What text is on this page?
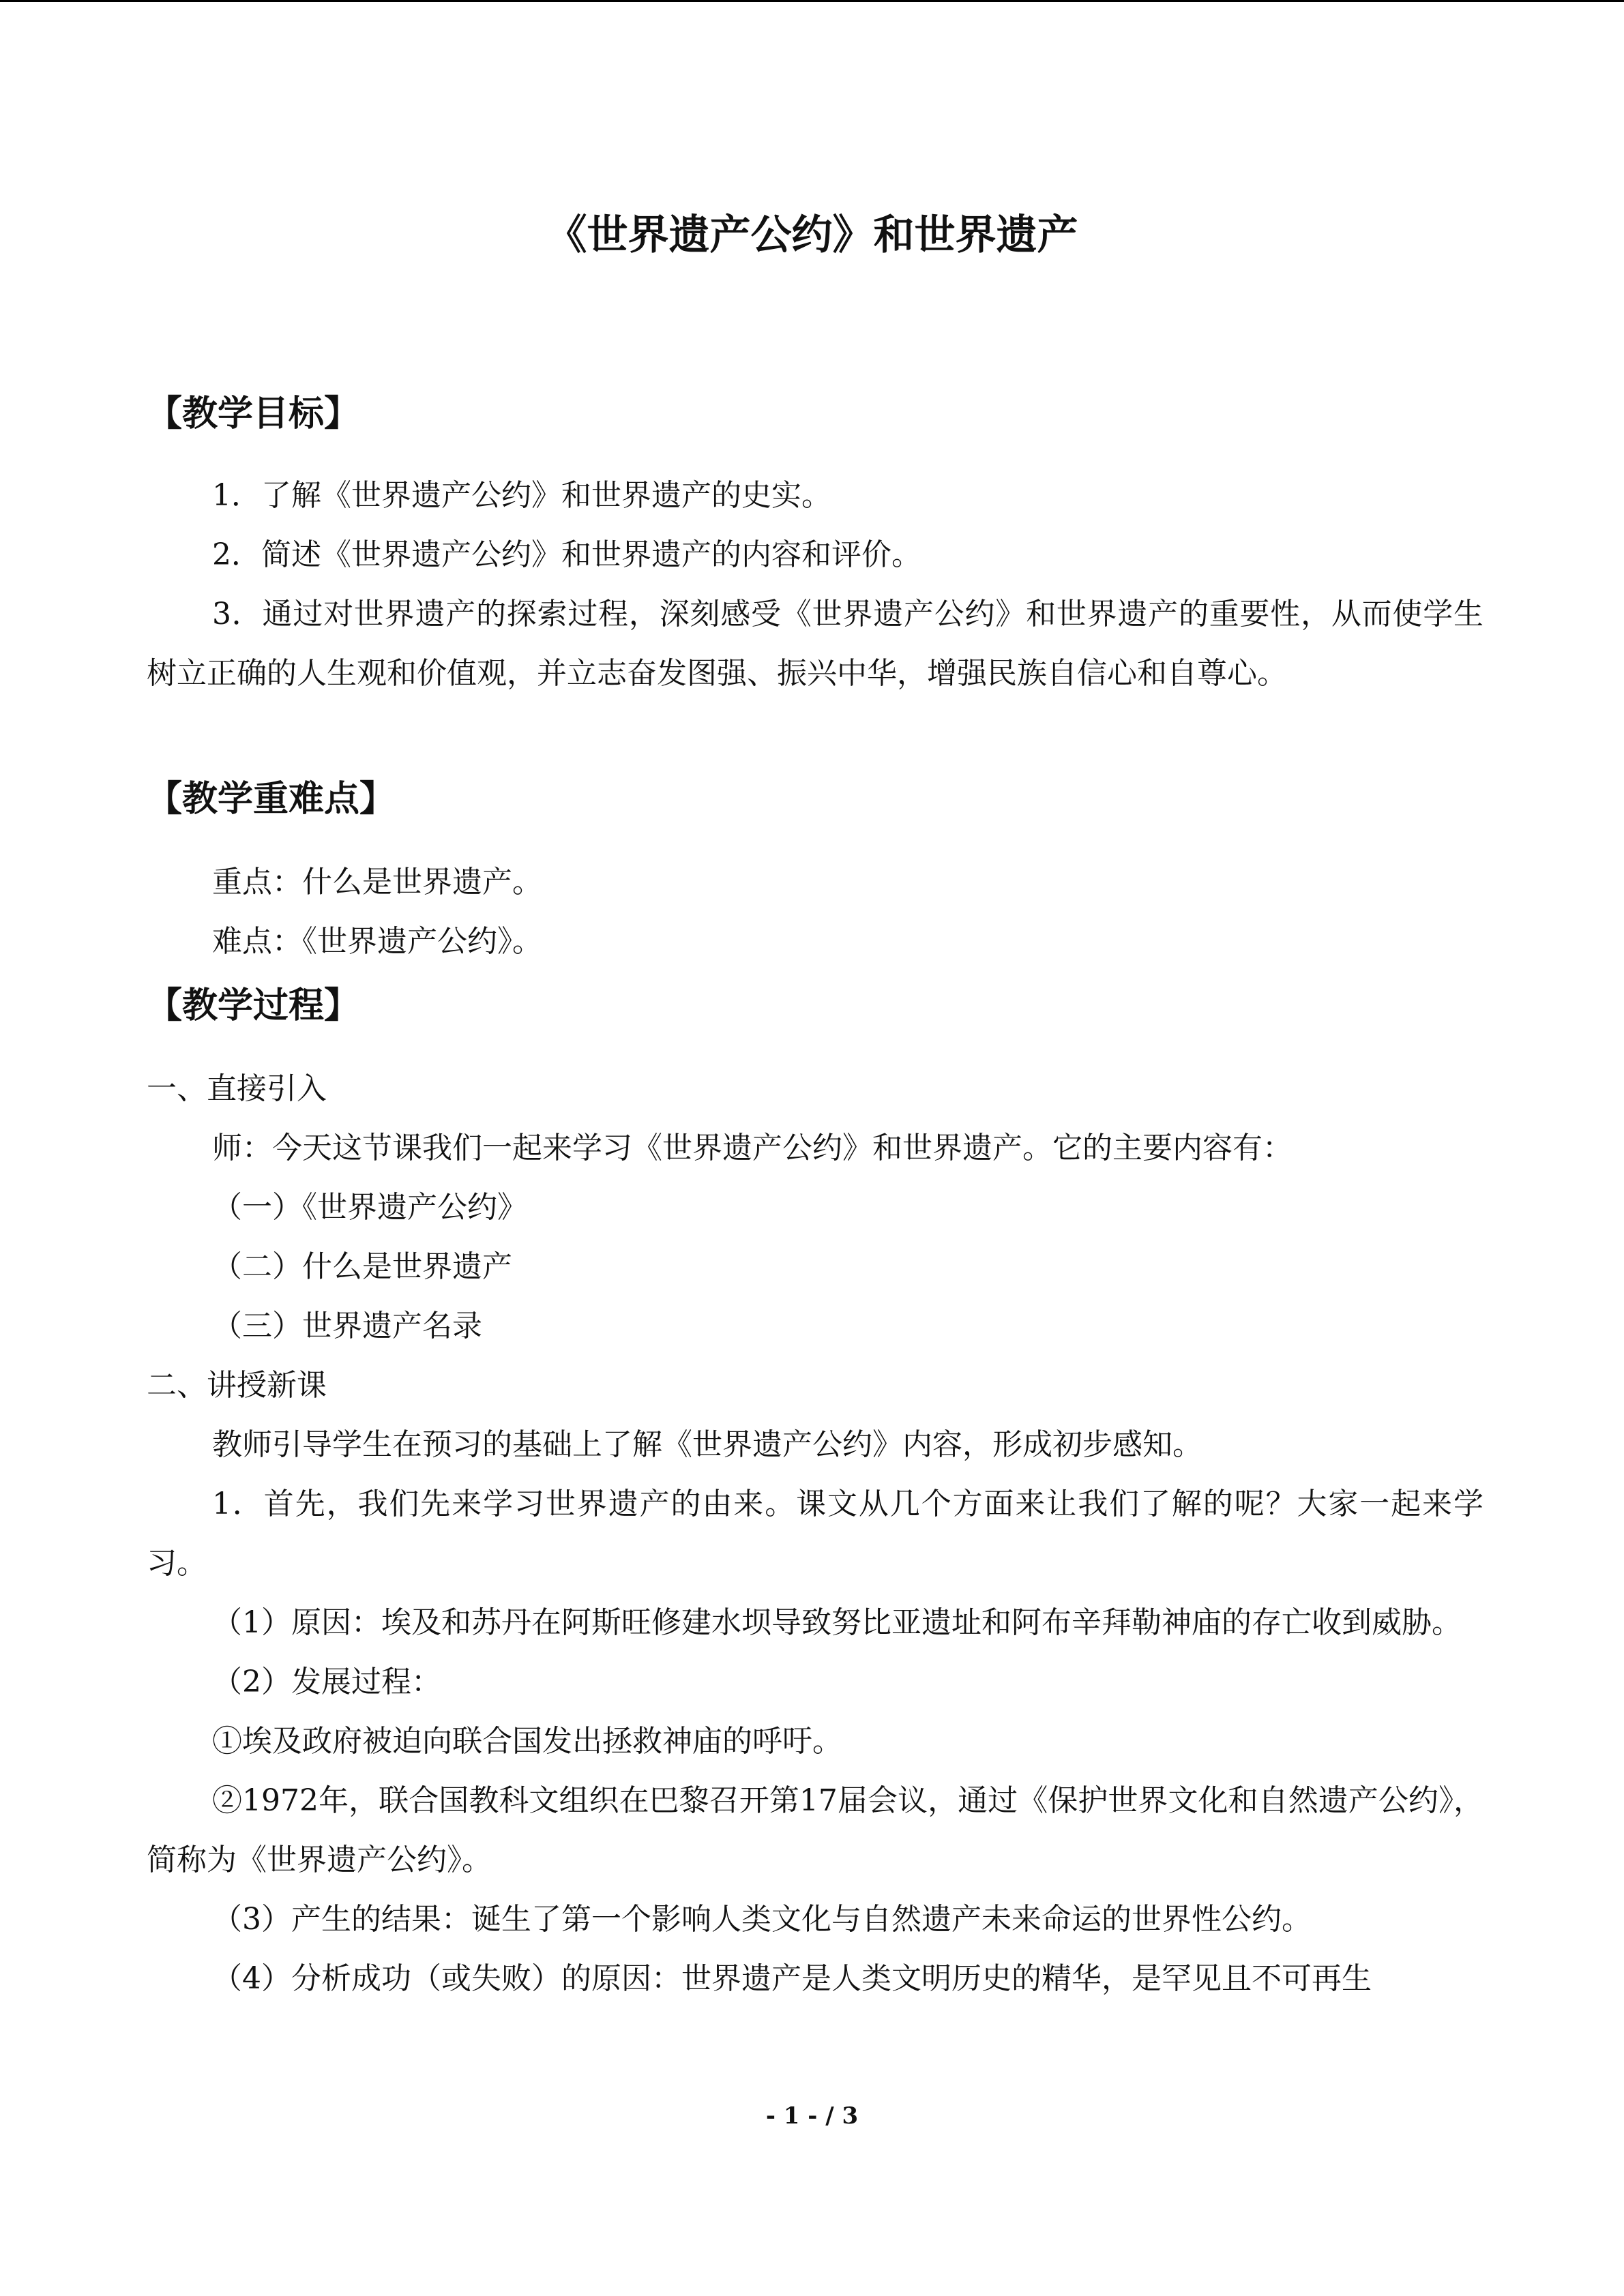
《世界遗产公约》和世界遗产

【教学目标】

1．了解《世界遗产公约》和世界遗产的史实。

2．简述《世界遗产公约》和世界遗产的内容和评价。

3．通过对世界遗产的探索过程，深刻感受《世界遗产公约》和世界遗产的重要性，从而使学生树立正确的人生观和价值观，并立志奋发图强、振兴中华，增强民族自信心和自尊心。

【教学重难点】

重点：什么是世界遗产。

难点：《世界遗产公约》。

【教学过程】

一、直接引入

师：今天这节课我们一起来学习《世界遗产公约》和世界遗产。它的主要内容有：

（一）《世界遗产公约》

（二）什么是世界遗产

（三）世界遗产名录

二、讲授新课

教师引导学生在预习的基础上了解《世界遗产公约》内容，形成初步感知。

1．首先，我们先来学习世界遗产的由来。课文从几个方面来让我们了解的呢？大家一起来学习。

（1）原因：埃及和苏丹在阿斯旺修建水坝导致努比亚遗址和阿布辛拜勒神庙的存亡收到威胁。

（2）发展过程：

①埃及政府被迫向联合国发出拯救神庙的呼吁。

②1972年，联合国教科文组织在巴黎召开第17届会议，通过《保护世界文化和自然遗产公约》，简称为《世界遗产公约》。

（3）产生的结果：诞生了第一个影响人类文化与自然遗产未来命运的世界性公约。

（4）分析成功（或失败）的原因：世界遗产是人类文明历史的精华，是罕见且不可再生

- 1 - / 3
